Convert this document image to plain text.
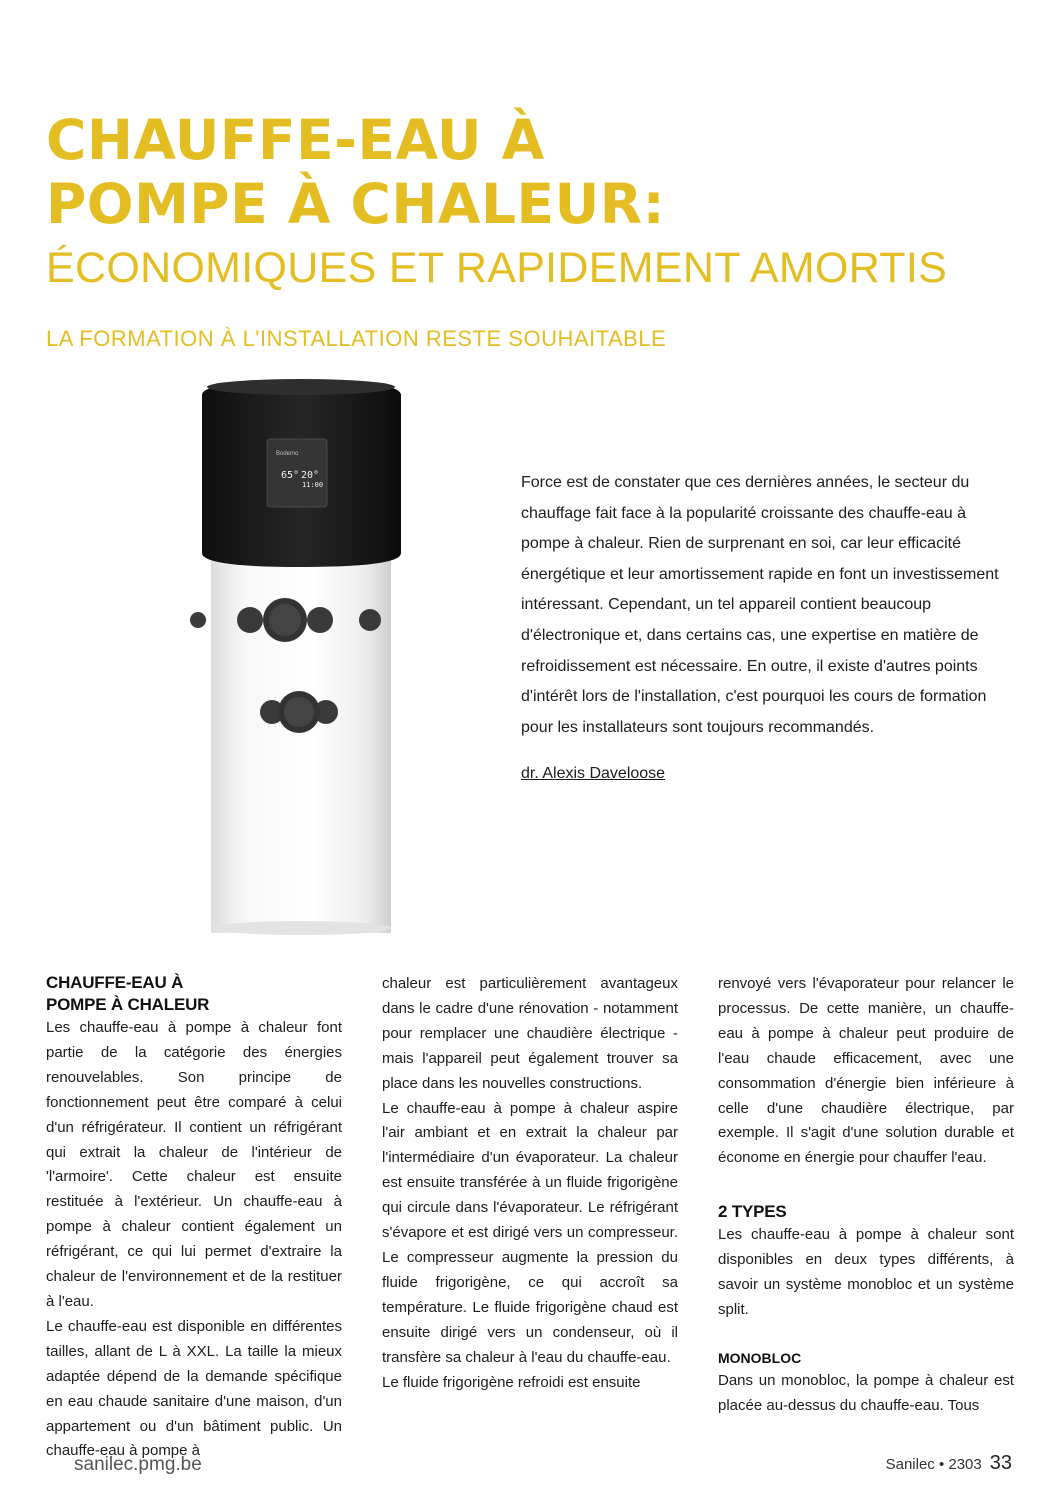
CHAUFFE-EAU À
POMPE À CHALEUR:
ÉCONOMIQUES ET RAPIDEMENT AMORTIS
LA FORMATION À L'INSTALLATION RESTE SOUHAITABLE
Bodemo
65° 20°
11:00	Force est de constater que ces dernières années, le secteur du chauffage fait face à la popularité croissante des chauffe-eau à pompe à chaleur. Rien de surprenant en soi, car leur efficacité énergétique et leur amortissement rapide en font un investissement intéressant. Cependant, un tel appareil contient beaucoup d'électronique et, dans certains cas, une expertise en matière de refroidissement est nécessaire. En outre, il existe d'autres points d'intérêt lors de l'installation, c'est pourquoi les cours de formation pour les installateurs sont toujours recommandés.

dr. Alexis Daveloose

CHAUFFE-EAU À
POMPE À CHALEUR

Les chauffe-eau à pompe à chaleur font partie de la catégorie des énergies renouvelables. Son principe de fonctionnement peut être comparé à celui d'un réfrigérateur. Il contient un réfrigérant qui extrait la chaleur de l'intérieur de 'l'armoire'. Cette chaleur est ensuite restituée à l'extérieur. Un chauffe-eau à pompe à chaleur contient également un réfrigérant, ce qui lui permet d'extraire la chaleur de l'environnement et de la restituer à l'eau.

Le chauffe-eau est disponible en différentes tailles, allant de L à XXL. La taille la mieux adaptée dépend de la demande spécifique en eau chaude sanitaire d'une maison, d'un appartement ou d'un bâtiment public. Un chauffe-eau à pompe à

chaleur est particulièrement avantageux dans le cadre d'une rénovation - notamment pour remplacer une chaudière électrique - mais l'appareil peut également trouver sa place dans les nouvelles constructions.

Le chauffe-eau à pompe à chaleur aspire l'air ambiant et en extrait la chaleur par l'intermédiaire d'un évaporateur. La chaleur est ensuite transférée à un fluide frigorigène qui circule dans l'évaporateur. Le réfrigérant s'évapore et est dirigé vers un compresseur. Le compresseur augmente la pression du fluide frigorigène, ce qui accroît sa température. Le fluide frigorigène chaud est ensuite dirigé vers un condenseur, où il transfère sa chaleur à l'eau du chauffe-eau.

Le fluide frigorigène refroidi est ensuite

renvoyé vers l'évaporateur pour relancer le processus. De cette manière, un chauffe-eau à pompe à chaleur peut produire de l'eau chaude efficacement, avec une consommation d'énergie bien inférieure à celle d'une chaudière électrique, par exemple. Il s'agit d'une solution durable et économe en énergie pour chauffer l'eau.

2 TYPES

Les chauffe-eau à pompe à chaleur sont disponibles en deux types différents, à savoir un système monobloc et un système split.

MONOBLOC

Dans un monobloc, la pompe à chaleur est placée au-dessus du chauffe-eau. Tous

sanilec.pmg.be	Sanilec • 2303 33
